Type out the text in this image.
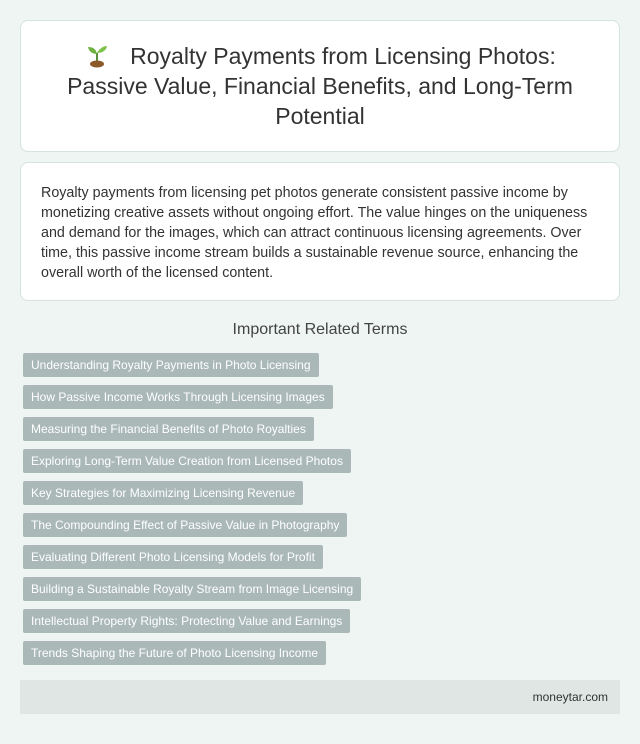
Royalty Payments from Licensing Photos: Passive Value, Financial Benefits, and Long-Term Potential

Royalty payments from licensing pet photos generate consistent passive income by monetizing creative assets without ongoing effort. The value hinges on the uniqueness and demand for the images, which can attract continuous licensing agreements. Over time, this passive income stream builds a sustainable revenue source, enhancing the overall worth of the licensed content.

Important Related Terms
Understanding Royalty Payments in Photo Licensing
How Passive Income Works Through Licensing Images
Measuring the Financial Benefits of Photo Royalties
Exploring Long-Term Value Creation from Licensed Photos
Key Strategies for Maximizing Licensing Revenue
The Compounding Effect of Passive Value in Photography
Evaluating Different Photo Licensing Models for Profit
Building a Sustainable Royalty Stream from Image Licensing
Intellectual Property Rights: Protecting Value and Earnings
Trends Shaping the Future of Photo Licensing Income
moneytar.com
